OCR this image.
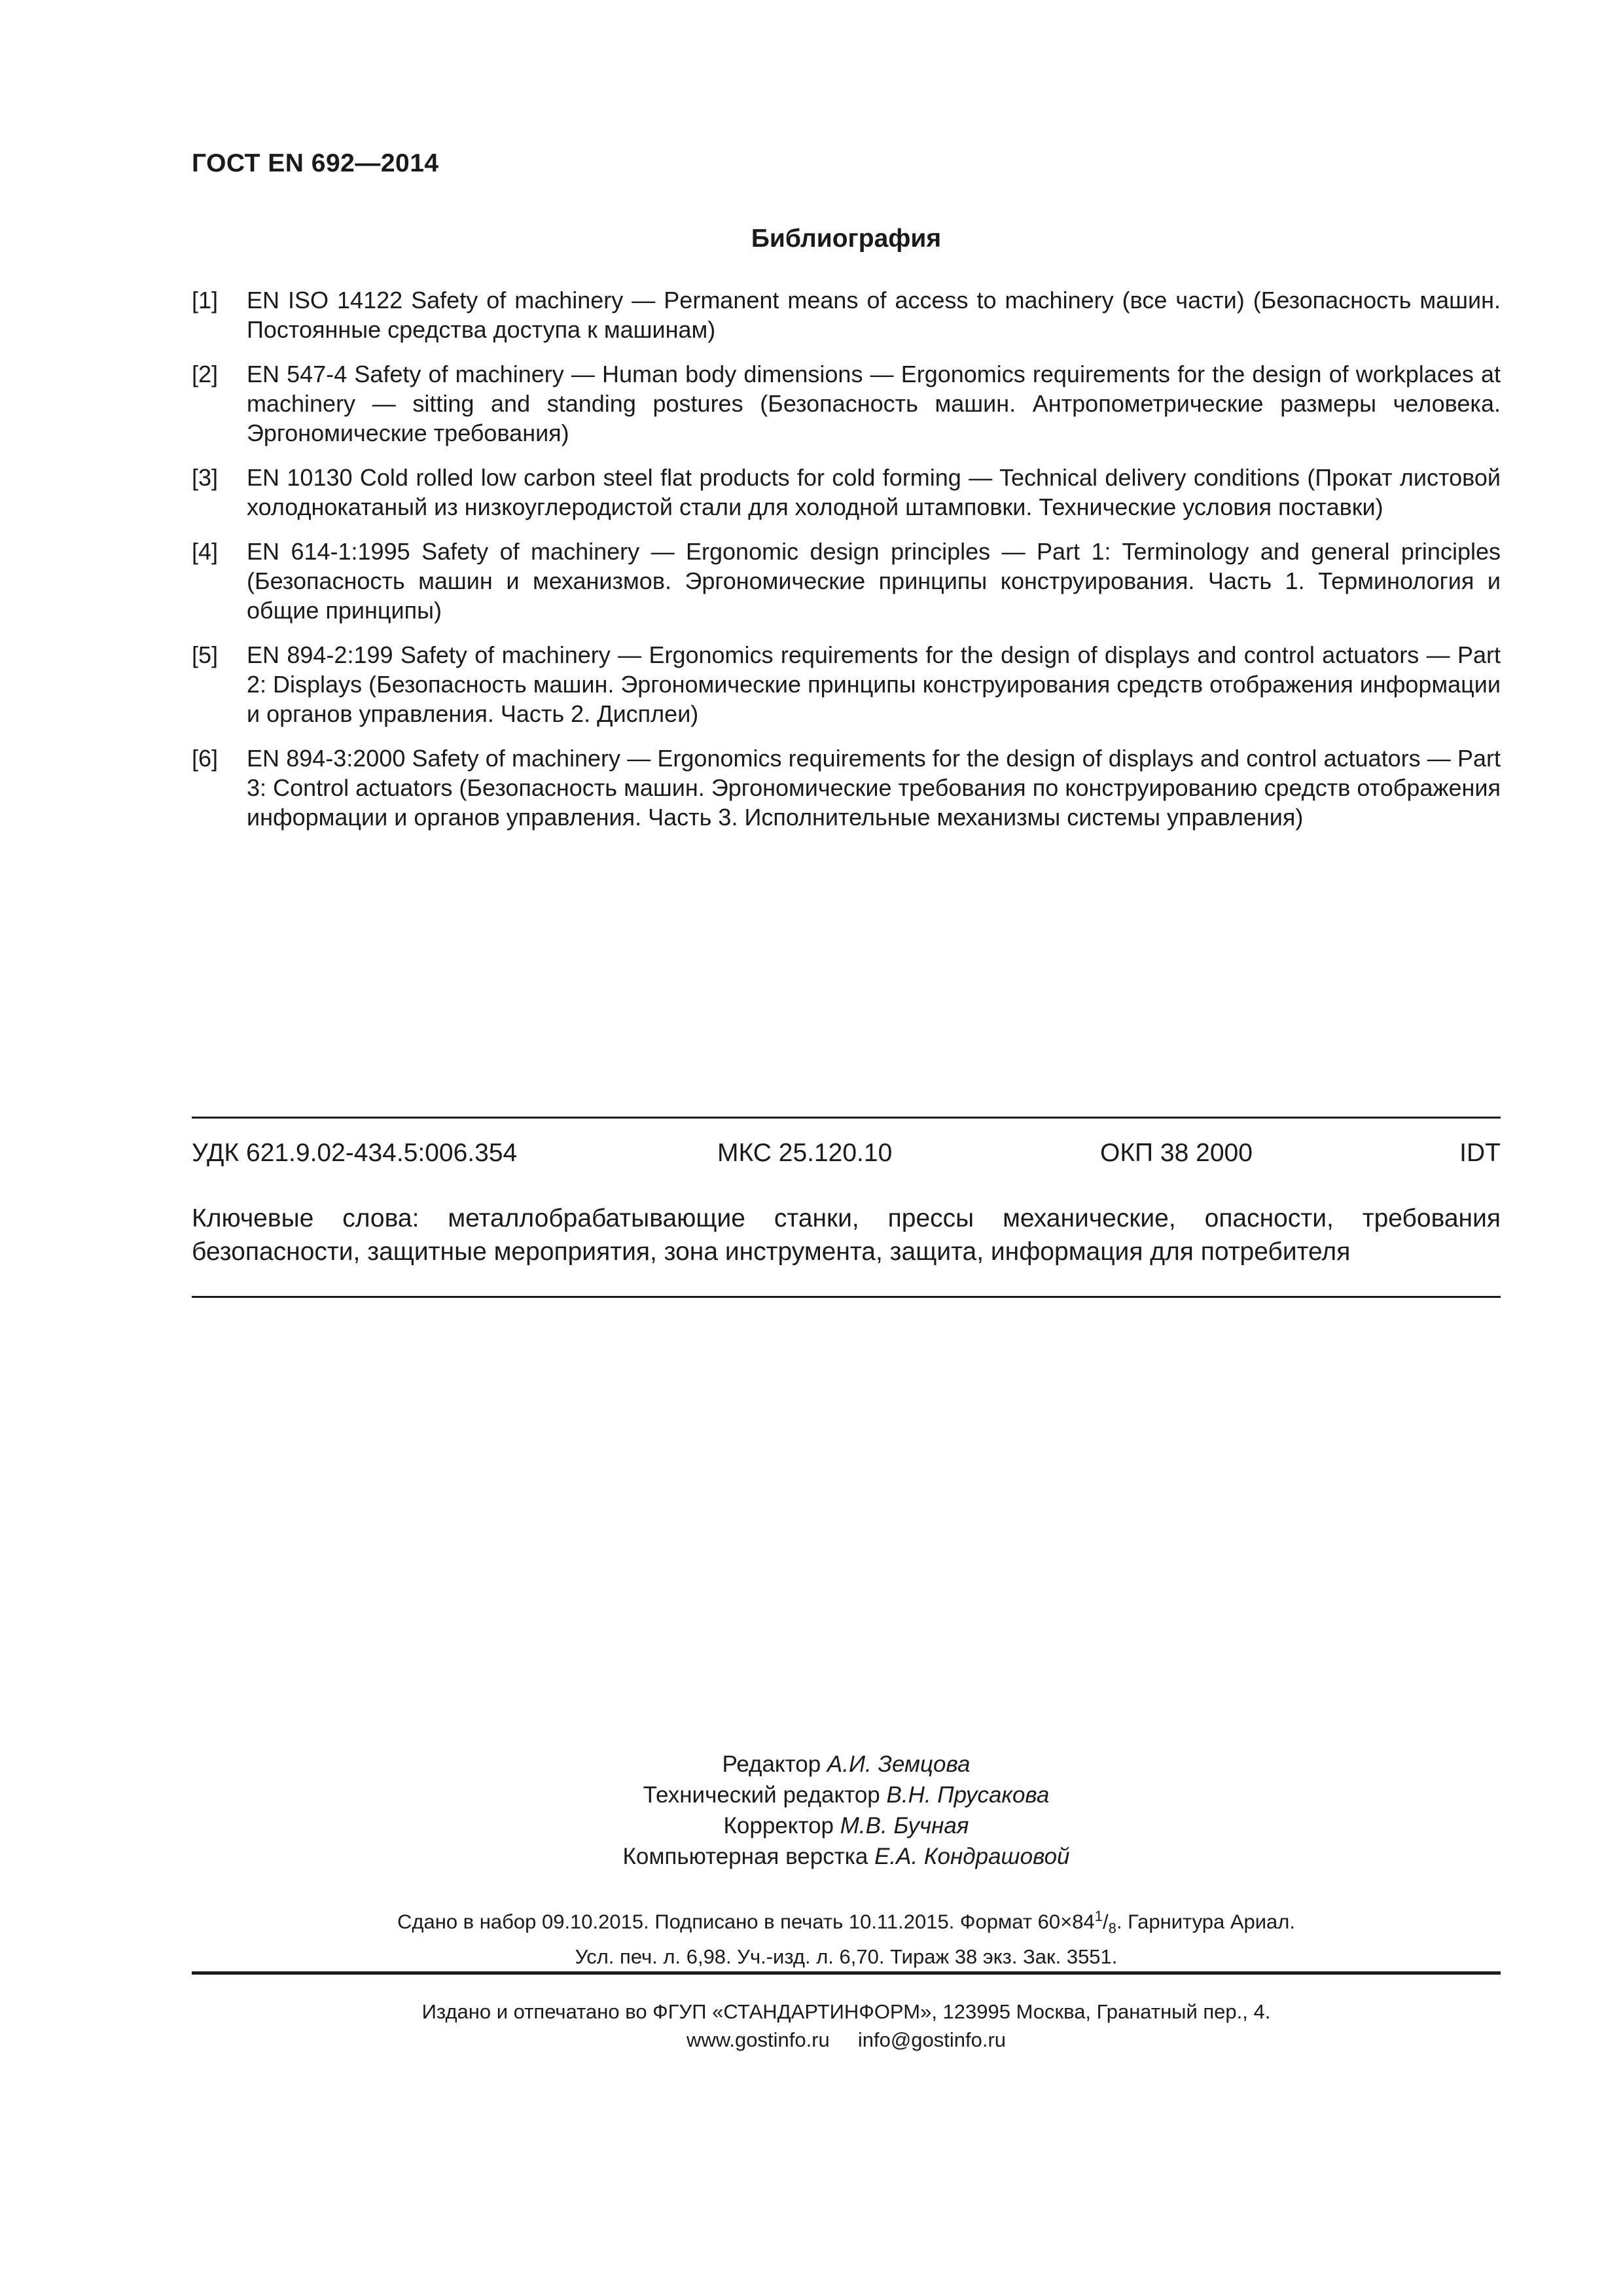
ГОСТ EN 692—2014
Библиография
[1] EN ISO 14122 Safety of machinery — Permanent means of access to machinery (все части) (Безопасность машин. Постоянные средства доступа к машинам)
[2] EN 547-4 Safety of machinery — Human body dimensions — Ergonomics requirements for the design of workplaces at machinery — sitting and standing postures (Безопасность машин. Антропометрические размеры человека. Эргономические требования)
[3] EN 10130 Cold rolled low carbon steel flat products for cold forming — Technical delivery conditions (Прокат листовой холоднокатаный из низкоуглеродистой стали для холодной штамповки. Технические условия поставки)
[4] EN 614-1:1995 Safety of machinery — Ergonomic design principles — Part 1: Terminology and general principles (Безопасность машин и механизмов. Эргономические принципы конструирования. Часть 1. Терминология и общие принципы)
[5] EN 894-2:199 Safety of machinery — Ergonomics requirements for the design of displays and control actuators — Part 2: Displays (Безопасность машин. Эргономические принципы конструирования средств отображения информации и органов управления. Часть 2. Дисплеи)
[6] EN 894-3:2000 Safety of machinery — Ergonomics requirements for the design of displays and control actuators — Part 3: Control actuators (Безопасность машин. Эргономические требования по конструированию средств отображения информации и органов управления. Часть 3. Исполнительные механизмы системы управления)
УДК 621.9.02-434.5:006.354	МКС 25.120.10	ОКП 38 2000	IDT
Ключевые слова: металлобрабатывающие станки, прессы механические, опасности, требования безопасности, защитные мероприятия, зона инструмента, защита, информация для потребителя
Редактор А.И. Земцова
Технический редактор В.Н. Прусакова
Корректор М.В. Бучная
Компьютерная верстка Е.А. Кондрашовой
Сдано в набор 09.10.2015. Подписано в печать 10.11.2015. Формат $60\times 84^1/_8$. Гарнитура Ариал.
Усл. печ. л. 6,98. Уч.-изд. л. 6,70. Тираж 38 экз. Зак. 3551.
Издано и отпечатано во ФГУП «СТАНДАРТИНФОРМ», 123995 Москва, Гранатный пер., 4.
www.gostinfo.ru     info@gostinfo.ru
